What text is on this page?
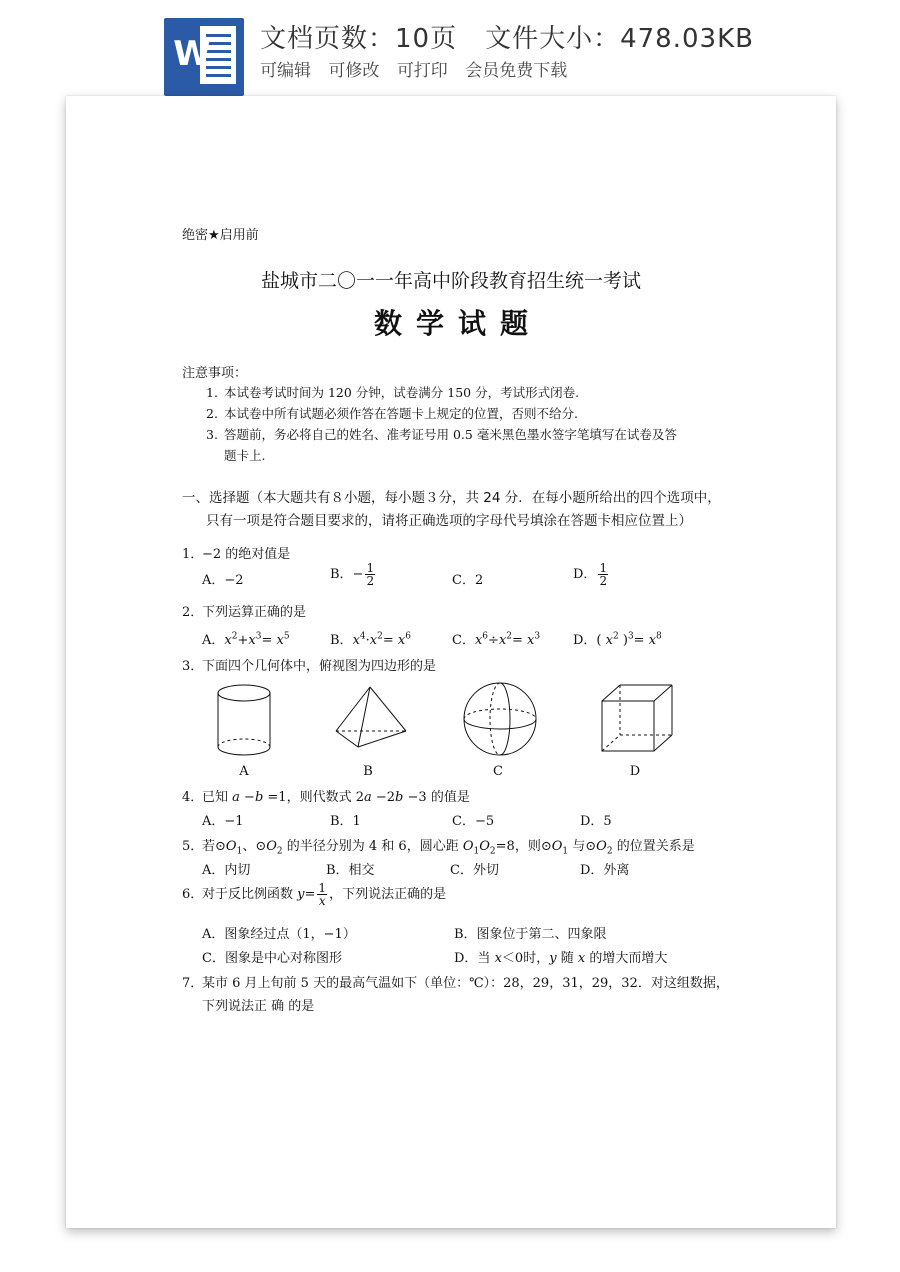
W 文档页数：10页 文件大小：478.03KB
可编辑 可修改 可打印 会员免费下载
绝密★启用前
盐城市二〇一一年高中阶段教育招生统一考试
数学试题
注意事项：
1. 本试卷考试时间为 120 分钟，试卷满分 150 分，考试形式闭卷.
2. 本试卷中所有试题必须作答在答题卡上规定的位置，否则不给分.
3. 答题前，务必将自己的姓名、准考证号用 0.5 毫米黑色墨水签字笔填写在试卷及答
题卡上.
一、选择题（本大题共有８小题，每小题３分，共 24 分．在每小题所给出的四个选项中，
只有一项是符合题目要求的，请将正确选项的字母代号填涂在答题卡相应位置上）
1．−2 的绝对值是
A．−2	B．− $\frac{1}{2}$	C．2	D． $\frac{1}{2}$
2．下列运算正确的是
A．$x^2+x^3= x^5$	B．$x^4\cdot x^2= x^6$	C．$x^6\div x^2= x^3$	D．( $x^2$ )$^3= x^8$
3．下面四个几何体中，俯视图为四边形的是
A	B	C	D
4．已知 a −b =1，则代数式 2a −2b −3 的值是
A．−1	B．1	C．−5	D．5
5．若$⊙O_1$、$⊙O_2$ 的半径分别为 4 和 6，圆心距 $O_1O_2=8$，则$⊙O_1$ 与$⊙O_2$ 的位置关系是
A．内切	B．相交	C．外切	D．外离
6．对于反比例函数 $y= \frac{1}{x}$ ，下列说法正确的是
A．图象经过点（1，−1）	B．图象位于第二、四象限
C．图象是中心对称图形	D．当 x＜0时，y 随 x 的增大而增大
7．某市 6 月上旬前 5 天的最高气温如下（单位：℃）：28，29，31，29，32．对这组数据，
下列说法正 确 的是
